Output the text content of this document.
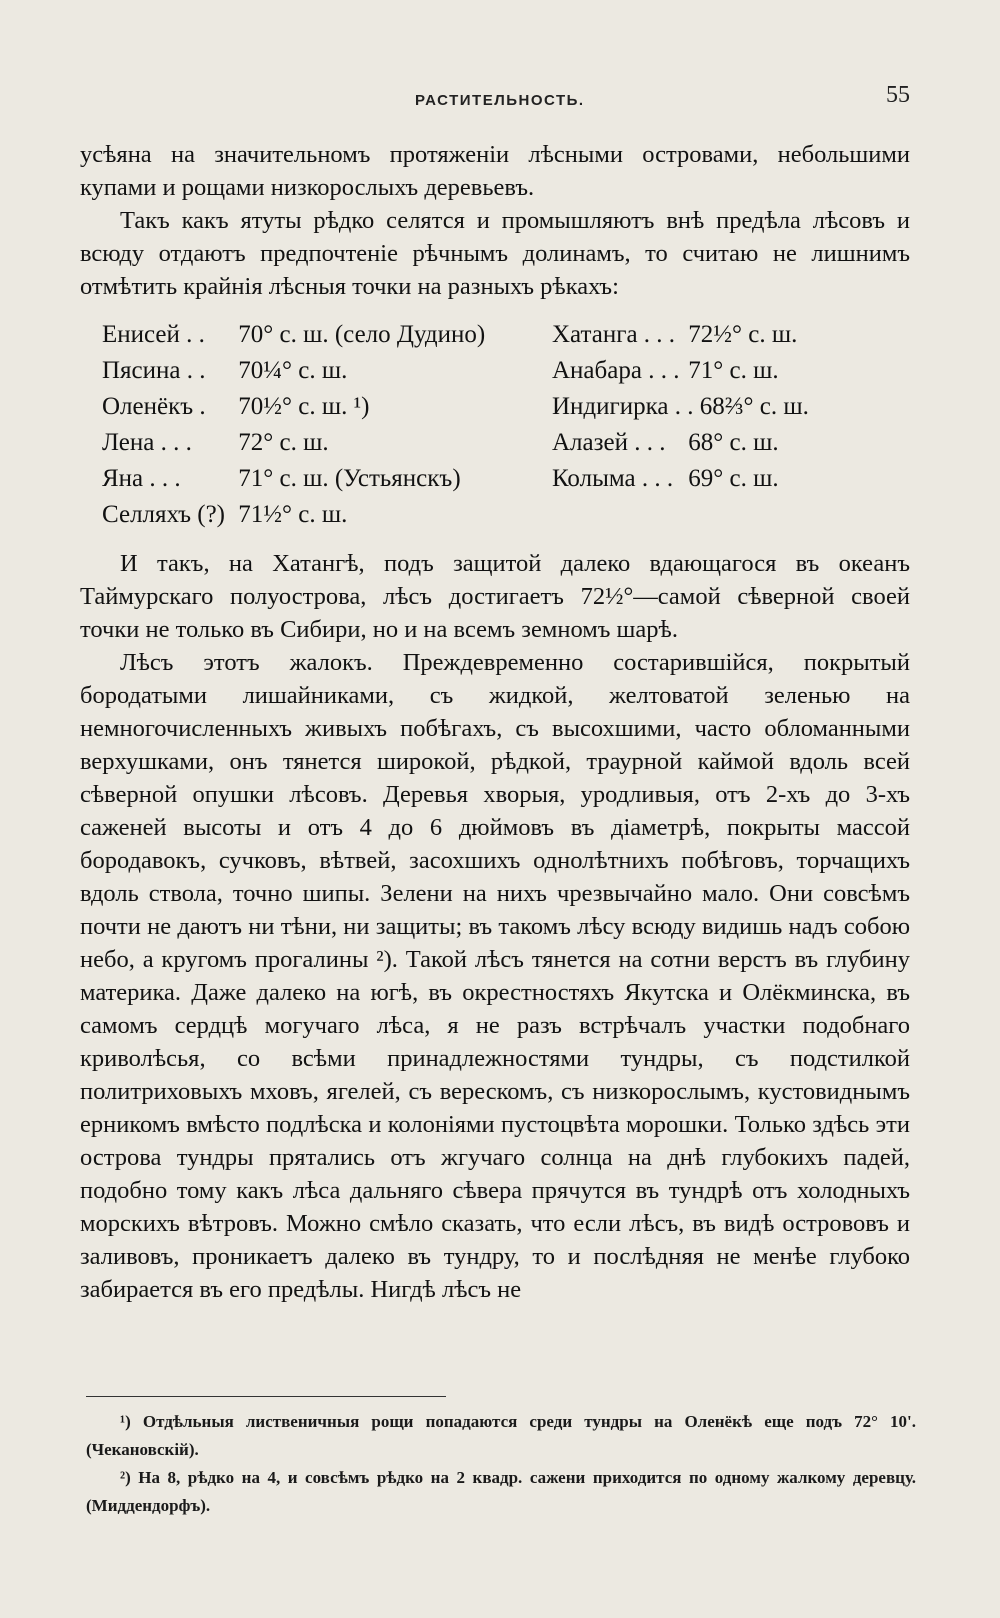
РАСТИТЕЛЬНОСТЬ.	55

усѣяна на значительномъ протяженіи лѣсными островами, небольшими купами и рощами низкорослыхъ деревьевъ.

Такъ какъ ятуты рѣдко селятся и промышляютъ внѣ предѣла лѣсовъ и всюду отдаютъ предпочтеніе рѣчнымъ долинамъ, то считаю не лишнимъ отмѣтить крайнія лѣсныя точки на разныхъ рѣкахъ:

Енисей . . 70° с. ш. (село Дудино)
Пясина . . 70¼° с. ш.
Оленёкъ . 70½° с. ш. ¹)
Лена . . . 72° с. ш.
Яна . . . 71° с. ш. (Устьянскъ)
Селляхъ (?) 71½° с. ш.
Хатанга . . . 72½° с. ш.
Анабара . . . 71° с. ш.
Индигирка . . 68⅔° с. ш.
Алазей . . . 68° с. ш.
Колыма . . . 69° с. ш.

И такъ, на Хатангѣ, подъ защитой далеко вдающагося въ океанъ Таймурскаго полуострова, лѣсъ достигаетъ 72½°—самой сѣверной своей точки не только въ Сибири, но и на всемъ земномъ шарѣ.

Лѣсъ этотъ жалокъ. Преждевременно состарившійся, покрытый бородатыми лишайниками, съ жидкой, желтоватой зеленью на немногочисленныхъ живыхъ побѣгахъ, съ высохшими, часто обломанными верхушками, онъ тянется широкой, рѣдкой, траурной каймой вдоль всей сѣверной опушки лѣсовъ. Деревья хворыя, уродливыя, отъ 2-хъ до 3-хъ саженей высоты и отъ 4 до 6 дюймовъ въ діаметрѣ, покрыты массой бородавокъ, сучковъ, вѣтвей, засохшихъ однолѣтнихъ побѣговъ, торчащихъ вдоль ствола, точно шипы. Зелени на нихъ чрезвычайно мало. Они совсѣмъ почти не даютъ ни тѣни, ни защиты; въ такомъ лѣсу всюду видишь надъ собою небо, а кругомъ прогалины ²). Такой лѣсъ тянется на сотни верстъ въ глубину материка. Даже далеко на югѣ, въ окрестностяхъ Якутска и Олёкминска, въ самомъ сердцѣ могучаго лѣса, я не разъ встрѣчалъ участки подобнаго криволѣсья, со всѣми принадлежностями тундры, съ подстилкой политриховыхъ мховъ, ягелей, съ верескомъ, съ низкорослымъ, кустовиднымъ ерникомъ вмѣсто подлѣска и колоніями пустоцвѣта морошки. Только здѣсь эти острова тундры прятались отъ жгучаго солнца на днѣ глубокихъ падей, подобно тому какъ лѣса дальняго сѣвера прячутся въ тундрѣ отъ холодныхъ морскихъ вѣтровъ. Можно смѣло сказать, что если лѣсъ, въ видѣ острововъ и заливовъ, проникаетъ далеко въ тундру, то и послѣдняя не менѣе глубоко забирается въ его предѣлы. Нигдѣ лѣсъ не

¹) Отдѣльныя лиственичныя рощи попадаются среди тундры на Оленёкѣ еще подъ 72° 10'. (Чекановскій).

²) На 8, рѣдко на 4, и совсѣмъ рѣдко на 2 квадр. сажени приходится по одному жалкому деревцу. (Миддендорфъ).
